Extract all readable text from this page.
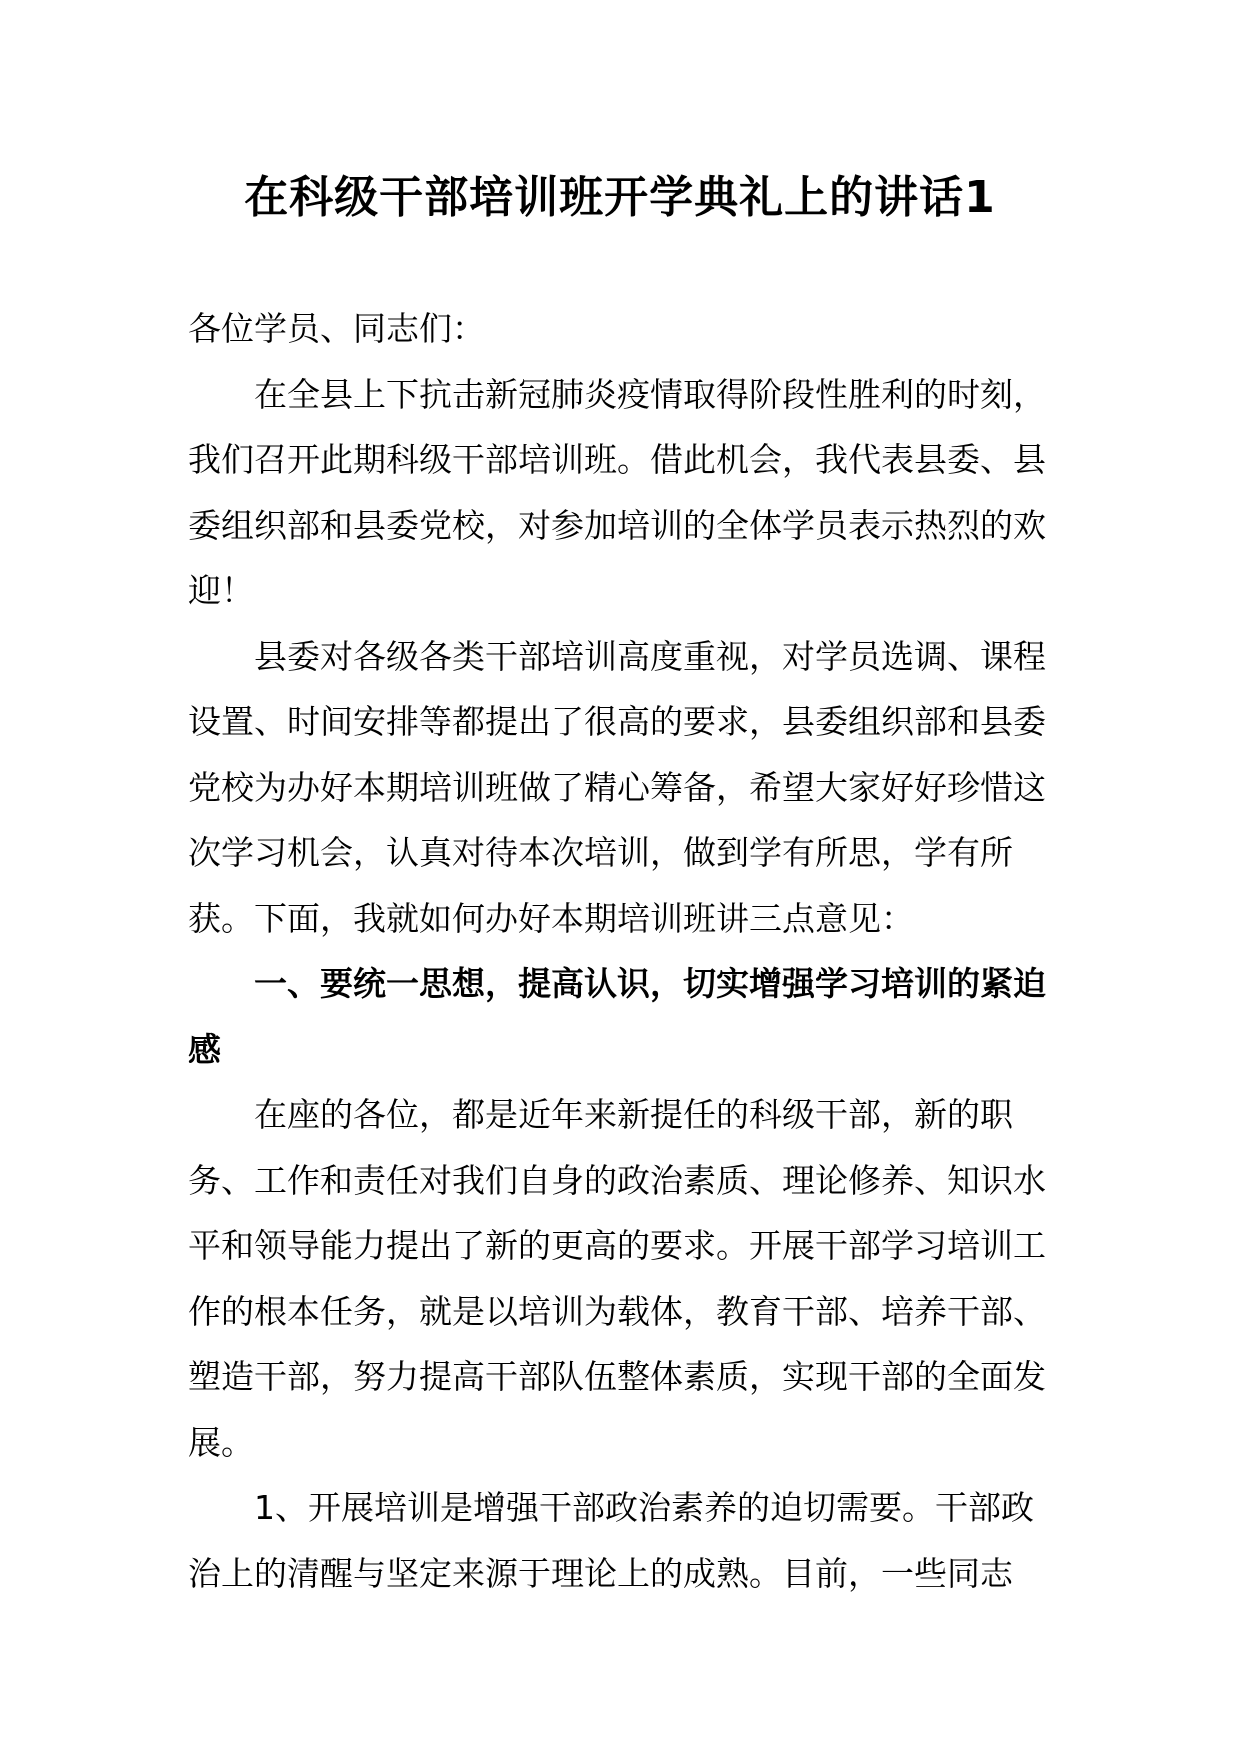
在科级干部培训班开学典礼上的讲话1

各位学员、同志们：

在全县上下抗击新冠肺炎疫情取得阶段性胜利的时刻，我们召开此期科级干部培训班。借此机会，我代表县委、县委组织部和县委党校，对参加培训的全体学员表示热烈的欢迎！

县委对各级各类干部培训高度重视，对学员选调、课程设置、时间安排等都提出了很高的要求，县委组织部和县委党校为办好本期培训班做了精心筹备，希望大家好好珍惜这次学习机会，认真对待本次培训，做到学有所思，学有所获。下面，我就如何办好本期培训班讲三点意见：

一、要统一思想，提高认识，切实增强学习培训的紧迫感

在座的各位，都是近年来新提任的科级干部，新的职务、工作和责任对我们自身的政治素质、理论修养、知识水平和领导能力提出了新的更高的要求。开展干部学习培训工作的根本任务，就是以培训为载体，教育干部、培养干部、塑造干部，努力提高干部队伍整体素质，实现干部的全面发展。

1、开展培训是增强干部政治素养的迫切需要。干部政治上的清醒与坚定来源于理论上的成熟。目前，一些同志
